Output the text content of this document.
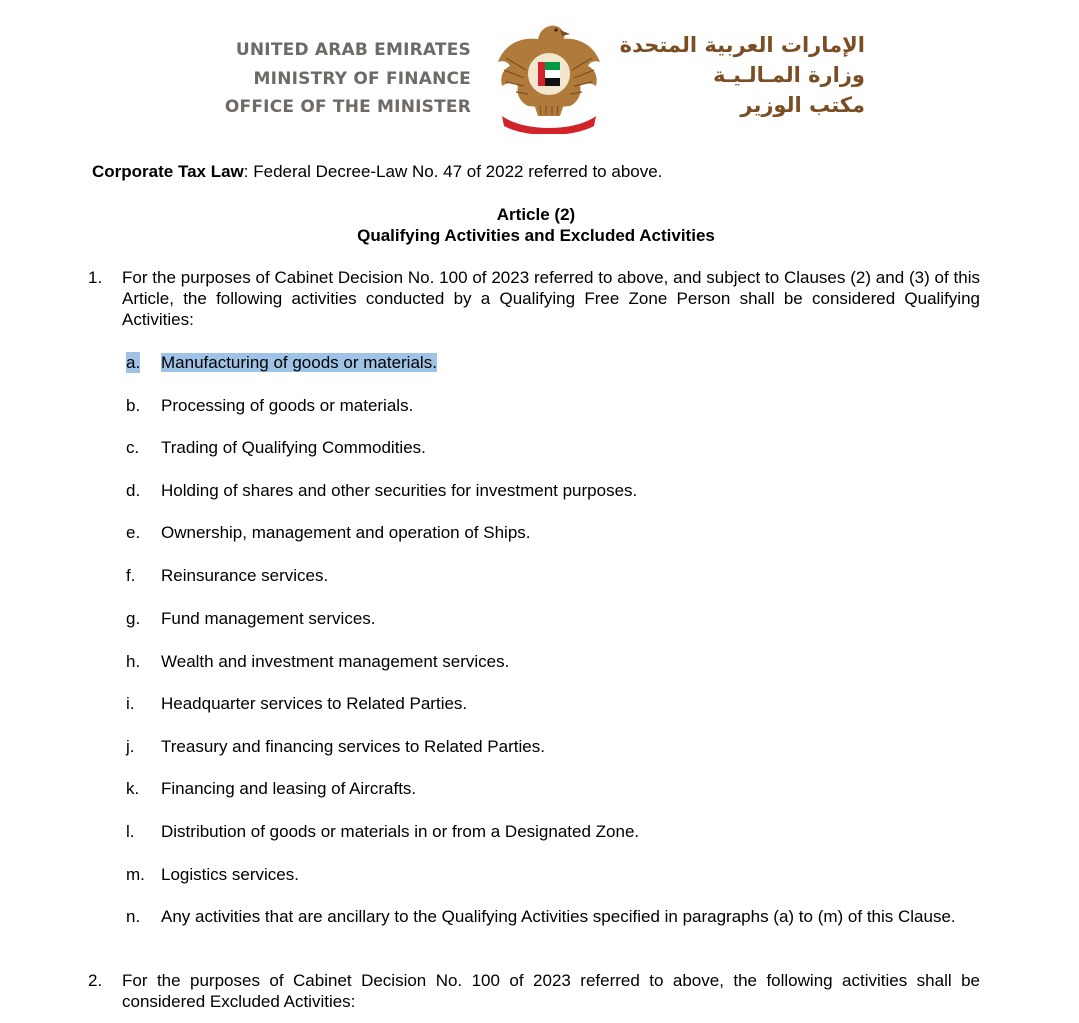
UNITED ARAB EMIRATES
MINISTRY OF FINANCE
OFFICE OF THE MINISTER
الإمارات العربية المتحدة
وزارة المـالـيـة
مكتب الوزير
Corporate Tax Law: Federal Decree-Law No. 47 of 2022 referred to above.
Article (2)
Qualifying Activities and Excluded Activities
1. For the purposes of Cabinet Decision No. 100 of 2023 referred to above, and subject to Clauses (2) and (3) of this Article, the following activities conducted by a Qualifying Free Zone Person shall be considered Qualifying Activities:
a. Manufacturing of goods or materials.
b. Processing of goods or materials.
c. Trading of Qualifying Commodities.
d. Holding of shares and other securities for investment purposes.
e. Ownership, management and operation of Ships.
f. Reinsurance services.
g. Fund management services.
h. Wealth and investment management services.
i. Headquarter services to Related Parties.
j. Treasury and financing services to Related Parties.
k. Financing and leasing of Aircrafts.
l. Distribution of goods or materials in or from a Designated Zone.
m. Logistics services.
n. Any activities that are ancillary to the Qualifying Activities specified in paragraphs (a) to (m) of this Clause.
2. For the purposes of Cabinet Decision No. 100 of 2023 referred to above, the following activities shall be considered Excluded Activities:
